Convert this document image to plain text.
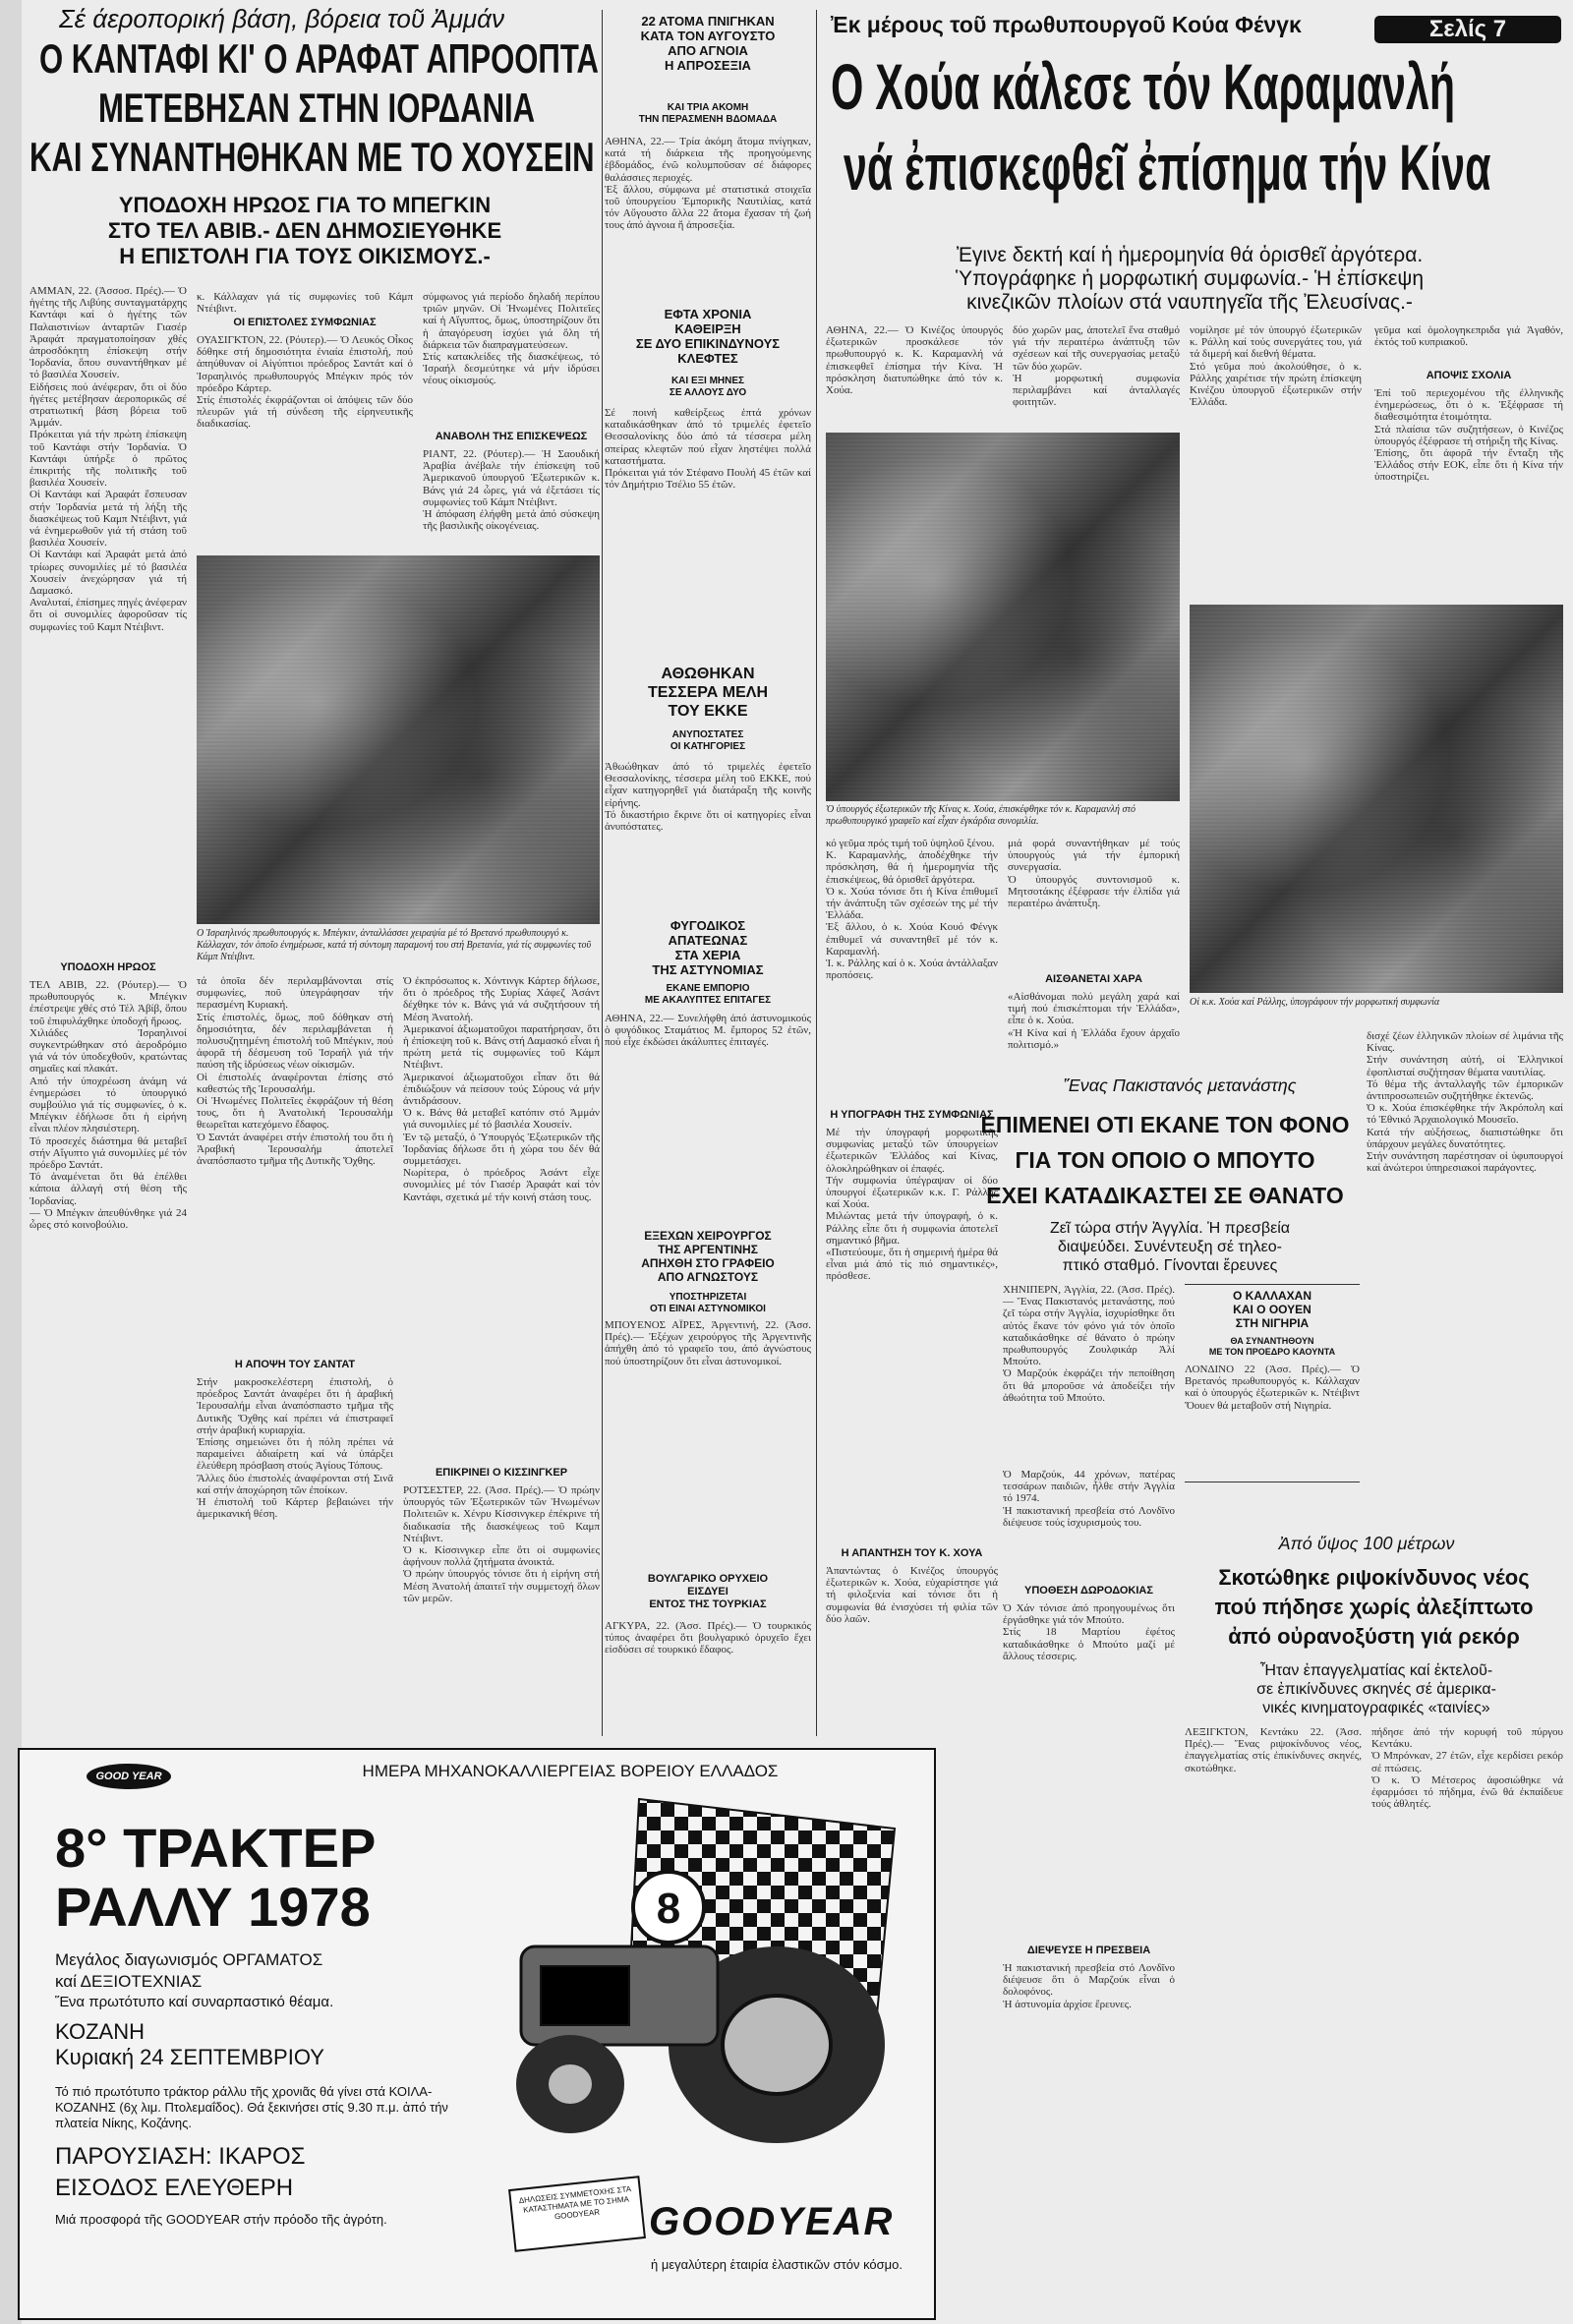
Σέ άεροπορική βάση, βόρεια τοῦ Ἀμμάν
Ο ΚΑΝΤΑΦΙ ΚΙ' Ο ΑΡΑΦΑΤ ΑΠΡΟΟΠΤΑ
ΜΕΤΕΒΗΣΑΝ ΣΤΗΝ ΙΟΡΔΑΝΙΑ
ΚΑΙ ΣΥΝΑΝΤΗΘΗΚΑΝ ΜΕ ΤΟ ΧΟΥΣΕΙΝ
ΥΠΟΔΟΧΗ ΗΡΩΟΣ ΓΙΑ ΤΟ ΜΠΕΓΚΙΝ
ΣΤΟ ΤΕΛ ΑΒΙΒ.- ΔΕΝ ΔΗΜΟΣΙΕΥΘΗΚΕ
Η ΕΠΙΣΤΟΛΗ ΓΙΑ ΤΟΥΣ ΟΙΚΙΣΜΟΥΣ.-
ΑΜΜΑΝ, 22. (Ἀσσοσ. Πρές).— Ὁ ἡγέτης τῆς Λιβύης συνταγματάρχης Καντάφι καί ὁ ἡγέτης τῶν Παλαιστινίων ἀνταρτῶν Γιασέρ Ἀραφάτ πραγματοποίησαν χθές ἀπροσδόκητη ἐπίσκεψη στήν Ἰορδανία, ὅπου συναντήθηκαν μέ τό βασιλέα Χουσείν.
Εἰδήσεις πού ἀνέφεραν, ὅτι οἱ δύο ἡγέτες μετέβησαν ἀεροπορικῶς σέ στρατιωτική βάση βόρεια τοῦ Ἀμμάν.
Πρόκειται γιά τήν πρώτη ἐπίσκεψη τοῦ Καντάφι στήν Ἰορδανία. Ὁ Καντάφι ὑπήρξε ὁ πρῶτος ἐπικριτής τῆς πολιτικῆς τοῦ βασιλέα Χουσείν.
Οἱ Καντάφι καί Ἀραφάτ ἔσπευσαν στήν Ἰορδανία μετά τή λήξη τῆς διασκέψεως τοῦ Καμπ Ντέιβιντ, γιά νά ἐνημερωθοῦν γιά τή στάση τοῦ βασιλέα Χουσείν.
Οἱ Καντάφι καί Ἀραφάτ μετά ἀπό τρίωρες συνομιλίες μέ τό βασιλέα Χουσείν ἀνεχώρησαν γιά τή Δαμασκό.
Αναλυταί, ἐπίσημες πηγές ἀνέφεραν ὅτι οἱ συνομιλίες ἀφοροῦσαν τίς συμφωνίες τοῦ Καμπ Ντέιβιντ.
ΥΠΟΔΟΧΗ ΗΡΩΟΣ
ΤΕΛ ΑΒΙΒ, 22. (Ρόυτερ).— Ὁ πρωθυπουργός κ. Μπέγκιν ἐπέστρεψε χθές στό Τέλ Ἀβίβ, ὅπου τοῦ ἐπιφυλάχθηκε ὑποδοχή ἥρωος.
Χιλιάδες Ἰσραηλινοί συγκεντρώθηκαν στό ἀεροδρόμιο γιά νά τόν ὑποδεχθοῦν, κρατώντας σημαῖες καί πλακάτ.
Από τήν ὑποχρέωση ἀνάμη νά ἐνημερώσει τό ὑπουργικό συμβούλιο γιά τίς συμφωνίες, ὁ κ. Μπέγκιν ἐδήλωσε ὅτι ἡ εἰρήνη εἶναι πλέον πλησιέστερη.
Τό προσεχές διάστημα θά μεταβεῖ στήν Αἴγυπτο γιά συνομιλίες μέ τόν πρόεδρο Σαντάτ.
Τό ἀναμένεται ὅτι θά ἐπέλθει κάποια ἀλλαγή στή θέση τῆς Ἰορδανίας.
— Ὁ Μπέγκιν ἀπευθύνθηκε γιά 24 ὧρες στό κοινοβούλιο.
κ. Κάλλαχαν γιά τίς συμφωνίες τοῦ Κάμπ Ντέιβιντ.
ΟΙ ΕΠΙΣΤΟΛΕΣ ΣΥΜΦΩΝΙΑΣ
ΟΥΑΣΙΓΚΤΟΝ, 22. (Ρόυτερ).— Ὁ Λευκός Οἶκος δόθηκε στή δημοσιότητα ἐνιαία ἐπιστολή, πού ἀπηύθυναν οἱ Αἰγύπτιοι πρόεδρος Σαντάτ καί ὁ Ἰσραηλινός πρωθυπουργός Μπέγκιν πρός τόν πρόεδρο Κάρτερ.
Στίς ἐπιστολές ἐκφράζονται οἱ ἀπόψεις τῶν δύο πλευρῶν γιά τή σύνδεση τῆς εἰρηνευτικῆς διαδικασίας.
σύμφωνος γιά περίοδο δηλαδή περίπου τριῶν μηνῶν. Οἱ Ἡνωμένες Πολιτεῖες καί ἡ Αἴγυπτος, ὅμως, ὑποστηρίζουν ὅτι ἡ ἀπαγόρευση ἰσχύει γιά ὅλη τή διάρκεια τῶν διαπραγματεύσεων.
Στίς κατακλείδες τῆς διασκέψεως, τό Ἰσραήλ δεσμεύτηκε νά μήν ἱδρύσει νέους οἰκισμούς.
ΑΝΑΒΟΛΗ ΤΗΣ ΕΠΙΣΚΕΨΕΩΣ
ΡΙΑΝΤ, 22. (Ρόυτερ).— Ἡ Σαουδική Ἀραβία ἀνέβαλε τήν ἐπίσκεψη τοῦ Ἀμερικανοῦ ὑπουργοῦ Ἐξωτερικῶν κ. Βάνς γιά 24 ὧρες, γιά νά ἐξετάσει τίς συμφωνίες τοῦ Κάμπ Ντέιβιντ.
Ἡ ἀπόφαση ἐλήφθη μετά ἀπό σύσκεψη τῆς βασιλικῆς οἰκογένειας.
Ο Ἰσραηλινός πρωθυπουργός κ. Μπέγκιν, ἀνταλλάσσει χειραψία μέ τό Βρετανό πρωθυπουργό κ. Κάλλαχαν, τόν ὁποῖο ἐνημέρωσε, κατά τή σύντομη παραμονή του στή Βρετανία, γιά τίς συμφωνίες τοῦ Κάμπ Ντέιβιντ.
τά ὁποῖα δέν περιλαμβάνονται στίς συμφωνίες, ποῦ ὑπεγράφησαν τήν περασμένη Κυριακή.
Στίς ἐπιστολές, ὅμως, ποῦ δόθηκαν στή δημοσιότητα, δέν περιλαμβάνεται ἡ πολυσυζητημένη ἐπιστολή τοῦ Μπέγκιν, πού ἀφορᾶ τή δέσμευση τοῦ Ἰσραήλ γιά τήν παύση τῆς ἱδρύσεως νέων οἰκισμῶν.
Οἱ ἐπιστολές ἀναφέρονται ἐπίσης στό καθεστώς τῆς Ἱερουσαλήμ.
Οἱ Ἡνωμένες Πολιτεῖες ἐκφράζουν τή θέση τους, ὅτι ἡ Ἀνατολική Ἱερουσαλήμ θεωρεῖται κατεχόμενο ἔδαφος.
Ὁ Σαντάτ ἀναφέρει στήν ἐπιστολή του ὅτι ἡ Ἀραβική Ἱερουσαλήμ ἀποτελεῖ ἀναπόσπαστο τμῆμα τῆς Δυτικῆς Ὄχθης.
Η ΑΠΟΨΗ ΤΟΥ ΣΑΝΤΑΤ
Στήν μακροσκελέστερη ἐπιστολή, ὁ πρόεδρος Σαντάτ ἀναφέρει ὅτι ἡ ἀραβική Ἱερουσαλήμ εἶναι ἀναπόσπαστο τμῆμα τῆς Δυτικῆς Ὄχθης καί πρέπει νά ἐπιστραφεῖ στήν ἀραβική κυριαρχία.
Ἐπίσης σημειώνει ὅτι ἡ πόλη πρέπει νά παραμείνει ἀδιαίρετη καί νά ὑπάρξει ἐλεύθερη πρόσβαση στούς Ἁγίους Τόπους.
Ἄλλες δύο ἐπιστολές ἀναφέρονται στή Σινᾶ καί στήν ἀποχώρηση τῶν ἐποίκων.
Ἡ ἐπιστολή τοῦ Κάρτερ βεβαιώνει τήν ἀμερικανική θέση.
Ὁ ἐκπρόσωπος κ. Χόντινγκ Κάρτερ δήλωσε, ὅτι ὁ πρόεδρος τῆς Συρίας Χάφεζ Ἀσάντ δέχθηκε τόν κ. Βάνς γιά νά συζητήσουν τή Μέση Ἀνατολή.
Ἀμερικανοί ἀξιωματοῦχοι παρατήρησαν, ὅτι ἡ ἐπίσκεψη τοῦ κ. Βάνς στή Δαμασκό εἶναι ἡ πρώτη μετά τίς συμφωνίες τοῦ Κάμπ Ντέιβιντ.
Ἀμερικανοί ἀξιωματοῦχοι εἶπαν ὅτι θά ἐπιδιώξουν νά πείσουν τούς Σύρους νά μήν ἀντιδράσουν.
Ὁ κ. Βάνς θά μεταβεῖ κατόπιν στό Ἀμμάν γιά συνομιλίες μέ τό βασιλέα Χουσείν.
Ἐν τῷ μεταξύ, ὁ Ὑπουργός Ἐξωτερικῶν τῆς Ἰορδανίας δήλωσε ὅτι ἡ χώρα του δέν θά συμμετάσχει.
Νωρίτερα, ὁ πρόεδρος Ἀσάντ εἶχε συνομιλίες μέ τόν Γιασέρ Ἀραφάτ καί τόν Καντάφι, σχετικά μέ τήν κοινή στάση τους.
ΕΠΙΚΡΙΝΕΙ Ο ΚΙΣΣΙΝΓΚΕΡ
ΡΟΤΣΕΣΤΕΡ, 22. (Ἀσσ. Πρές).— Ὁ πρώην ὑπουργός τῶν Ἐξωτερικῶν τῶν Ἡνωμένων Πολιτειῶν κ. Χένρυ Κίσσινγκερ ἐπέκρινε τή διαδικασία τῆς διασκέψεως τοῦ Καμπ Ντέιβιντ.
Ὁ κ. Κίσσινγκερ εἶπε ὅτι οἱ συμφωνίες ἀφήνουν πολλά ζητήματα ἀνοικτά.
Ὁ πρώην ὑπουργός τόνισε ὅτι ἡ εἰρήνη στή Μέση Ἀνατολή ἀπαιτεῖ τήν συμμετοχή ὅλων τῶν μερῶν.
22 ΑΤΟΜΑ ΠΝΙΓΗΚΑΝ
ΚΑΤΑ ΤΟΝ ΑΥΓΟΥΣΤΟ
ΑΠΟ ΑΓΝΟΙΑ
Η ΑΠΡΟΣΕΞΙΑ
ΚΑΙ ΤΡΙΑ ΑΚΟΜΗ
ΤΗΝ ΠΕΡΑΣΜΕΝΗ ΒΔΟΜΑΔΑ
ΑΘΗΝΑ, 22.— Τρία ἀκόμη ἄτομα πνίγηκαν, κατά τή διάρκεια τῆς προηγούμενης ἑβδομάδος, ἐνῶ κολυμποῦσαν σέ διάφορες θαλάσσιες περιοχές.
Ἐξ ἄλλου, σύμφωνα μέ στατιστικά στοιχεῖα τοῦ ὑπουργείου Ἐμπορικῆς Ναυτιλίας, κατά τόν Αὔγουστο ἄλλα 22 ἄτομα ἔχασαν τή ζωή τους ἀπό ἀγνοια ἤ ἀπροσεξία.
ΕΦΤΑ ΧΡΟΝΙΑ
ΚΑΘΕΙΡΞΗ
ΣΕ ΔΥΟ ΕΠΙΚΙΝΔΥΝΟΥΣ
ΚΛΕΦΤΕΣ
ΚΑΙ ΕΞΙ ΜΗΝΕΣ
ΣΕ ΑΛΛΟΥΣ ΔΥΟ
Σέ ποινή καθείρξεως ἑπτά χρόνων καταδικάσθηκαν ἀπό τό τριμελές ἐφετεῖο Θεσσαλονίκης δύο ἀπό τά τέσσερα μέλη σπείρας κλεφτῶν πού εἶχαν ληστέψει πολλά καταστήματα.
Πρόκειται γιά τόν Στέφανο Πουλή 45 ἐτῶν καί τόν Δημήτριο Τσέλιο 55 ἐτῶν.
ΑΘΩΘΗΚΑΝ
ΤΕΣΣΕΡΑ ΜΕΛΗ
ΤΟΥ ΕΚΚΕ
ΑΝΥΠΟΣΤΑΤΕΣ
ΟΙ ΚΑΤΗΓΟΡΙΕΣ
Ἀθωώθηκαν ἀπό τό τριμελές ἐφετεῖο Θεσσαλονίκης, τέσσερα μέλη τοῦ ΕΚΚΕ, πού εἶχαν κατηγορηθεῖ γιά διατάραξη τῆς κοινῆς εἰρήνης.
Τό δικαστήριο ἔκρινε ὅτι οἱ κατηγορίες εἶναι ἀνυπόστατες.
ΦΥΓΟΔΙΚΟΣ
ΑΠΑΤΕΩΝΑΣ
ΣΤΑ ΧΕΡΙΑ
ΤΗΣ ΑΣΤΥΝΟΜΙΑΣ
ΕΚΑΝΕ ΕΜΠΟΡΙΟ
ΜΕ ΑΚΑΛΥΠΤΕΣ ΕΠΙΤΑΓΕΣ
ΑΘΗΝΑ, 22.— Συνελήφθη ἀπό ἀστυνομικούς ὁ φυγόδικος Σταμάτιος Μ. ἔμπορος 52 ἐτῶν, πού εἶχε ἐκδώσει ἀκάλυπτες ἐπιταγές.
ΕΞΕΧΩΝ ΧΕΙΡΟΥΡΓΟΣ
ΤΗΣ ΑΡΓΕΝΤΙΝΗΣ
ΑΠΗΧΘΗ ΣΤΟ ΓΡΑΦΕΙΟ
ΑΠΟ ΑΓΝΩΣΤΟΥΣ
ΥΠΟΣΤΗΡΙΖΕΤΑΙ
ΟΤΙ ΕΙΝΑΙ ΑΣΤΥΝΟΜΙΚΟΙ
ΜΠΟΥΕΝΟΣ ΑΪΡΕΣ, Ἀργεντινή, 22. (Ἀσσ. Πρές).— Ἐξέχων χειρούργος τῆς Ἀργεντινῆς ἀπήχθη ἀπό τό γραφεῖο του, ἀπό ἀγνώστους πού ὑποστηρίζουν ὅτι εἶναι ἀστυνομικοί.
ΒΟΥΛΓΑΡΙΚΟ ΟΡΥΧΕΙΟ
ΕΙΣΔΥΕΙ
ΕΝΤΟΣ ΤΗΣ ΤΟΥΡΚΙΑΣ
ΑΓΚΥΡΑ, 22. (Ἀσσ. Πρές).— Ὁ τουρκικός τύπος ἀναφέρει ὅτι βουλγαρικό ὀρυχεῖο ἔχει εἰσδύσει σέ τουρκικό ἔδαφος.
Ἐκ μέρους τοῦ πρωθυπουργοῦ Κούα Φένγκ	Σελίς 7
Ο Χούα κάλεσε τόν Καραμανλή
νά ἐπισκεφθεῖ ἐπίσημα τήν Κίνα
Ἐγινε δεκτή καί ἡ ἡμερομηνία θά ὁρισθεῖ ἀργότερα.
Ὑπογράφηκε ἡ μορφωτική συμφωνία.- Ἡ ἐπίσκεψη
κινεζικῶν πλοίων στά ναυπηγεῖα τῆς Ἐλευσίνας.-
ΑΘΗΝΑ, 22.— Ὁ Κινέζος ὑπουργός ἐξωτερικῶν προσκάλεσε τόν πρωθυπουργό κ. Κ. Καραμανλή νά ἐπισκεφθεῖ ἐπίσημα τήν Κίνα. Ἡ πρόσκληση διατυπώθηκε ἀπό τόν κ. Χούα.
δύο χωρῶν μας, ἀποτελεῖ ἕνα σταθμό γιά τήν περαιτέρω ἀνάπτυξη τῶν σχέσεων καί τῆς συνεργασίας μεταξύ τῶν δύο χωρῶν.
Ἡ μορφωτική συμφωνία περιλαμβάνει καί ἀνταλλαγές φοιτητῶν.
νομίλησε μέ τόν ὑπουργό ἐξωτερικῶν κ. Ράλλη καί τούς συνεργάτες του, γιά τά διμερή καί διεθνή θέματα.
Στό γεῦμα πού ἀκολούθησε, ὁ κ. Ράλλης χαιρέτισε τήν πρώτη ἐπίσκεψη Κινέζου ὑπουργοῦ ἐξωτερικῶν στήν Ἑλλάδα.
Ὁ ὑπουργός ἐξωτερικῶν τῆς Κίνας κ. Χούα, ἐπισκέφθηκε τόν κ. Καραμανλή στό πρωθυπουργικό γραφεῖο καί εἶχαν ἐγκάρδια συνομιλία.
κό γεῦμα πρός τιμή τοῦ ὑψηλοῦ ξένου.
Κ. Καραμανλής, ἀποδέχθηκε τήν πρόσκληση, θά ἡ ἡμερομηνία τῆς ἐπισκέψεως, θά ὁρισθεῖ ἀργότερα.
Ὁ κ. Χούα τόνισε ὅτι ἡ Κίνα ἐπιθυμεῖ τήν ἀνάπτυξη τῶν σχέσεών της μέ τήν Ἑλλάδα.
Ἐξ ἄλλου, ὁ κ. Χούα Κουό Φένγκ ἐπιθυμεῖ νά συναντηθεῖ μέ τόν κ. Καραμανλή.
Ἱ. κ. Ράλλης καί ὁ κ. Χούα ἀντάλλαξαν προπόσεις.
Η ΥΠΟΓΡΑΦΗ ΤΗΣ ΣΥΜΦΩΝΙΑΣ
Μέ τήν ὑπογραφή μορφωτικῆς συμφωνίας μεταξύ τῶν ὑπουργείων ἐξωτερικῶν Ἑλλάδος καί Κίνας, ὁλοκληρώθηκαν οἱ ἐπαφές.
Τήν συμφωνία ὑπέγραψαν οἱ δύο ὑπουργοί ἐξωτερικῶν κ.κ. Γ. Ράλλης καί Χούα.
Μιλώντας μετά τήν ὑπογραφή, ὁ κ. Ράλλης εἶπε ὅτι ἡ συμφωνία ἀποτελεῖ σημαντικό βῆμα.
«Πιστεύουμε, ὅτι ἡ σημερινή ἡμέρα θά εἶναι μιά ἀπό τίς πιό σημαντικές», πρόσθεσε.
Η ΑΠΑΝΤΗΣΗ ΤΟΥ Κ. ΧΟΥΑ
Ἀπαντώντας ὁ Κινέζος ὑπουργός ἐξωτερικῶν κ. Χούα, εὐχαρίστησε γιά τή φιλοξενία καί τόνισε ὅτι ἡ συμφωνία θά ἐνισχύσει τή φιλία τῶν δύο λαῶν.
μιά φορά συναντήθηκαν μέ τούς ὑπουργούς γιά τήν ἐμπορική συνεργασία.
Ὁ ὑπουργός συντονισμοῦ κ. Μητσοτάκης ἐξέφρασε τήν ἐλπίδα γιά περαιτέρω ἀνάπτυξη.
ΑΙΣΘΑΝΕΤΑΙ ΧΑΡΑ
«Αἰσθάνομαι πολύ μεγάλη χαρά καί τιμή πού ἐπισκέπτομαι τήν Ἑλλάδα», εἶπε ὁ κ. Χούα.
«Ἡ Κίνα καί ἡ Ἑλλάδα ἔχουν ἀρχαῖο πολιτισμό.»
Οἱ κ.κ. Χούα καί Ράλλης, ὑπογράφουν τήν μορφωτική συμφωνία
γεῦμα καί ὁμολογηκεπριδα γιά Ἀγαθόν, ἐκτός τοῦ κυπριακοῦ.
ΑΠΟΨΙΣ ΣΧΟΛΙΑ
Ἐπί τοῦ περιεχομένου τῆς ἐλληνικῆς ἐνημερώσεως, ὅτι ὁ κ. Ἐξέφρασε τή διαθεσιμότητα ἐτοιμότητα.
Στά πλαίσια τῶν συζητήσεων, ὁ Κινέζος ὑπουργός ἐξέφρασε τή στήριξη τῆς Κίνας.
Ἐπίσης, ὅτι ἀφορᾶ τήν ἔνταξη τῆς Ἑλλάδος στήν ΕΟΚ, εἶπε ὅτι ἡ Κίνα τήν ὑποστηρίζει.
Ἕνας Πακιστανός μετανάστης
ΕΠΙΜΕΝΕΙ ΟΤΙ ΕΚΑΝΕ ΤΟΝ ΦΟΝΟ
ΓΙΑ ΤΟΝ ΟΠΟΙΟ Ο ΜΠΟΥΤΟ
ΕΧΕΙ ΚΑΤΑΔΙΚΑΣΤΕΙ ΣΕ ΘΑΝΑΤΟ
Ζεῖ τώρα στήν Ἀγγλία. Ἡ πρεσβεία
διαψεύδει. Συνέντευξη σέ τηλεο-
πτικό σταθμό. Γίνονται ἔρευνες
ΧΗΝΙΠΕΡΝ, Ἀγγλία, 22. (Ἀσσ. Πρές).— Ἕνας Πακιστανός μετανάστης, πού ζεῖ τώρα στήν Ἀγγλία, ἰσχυρίσθηκε ὅτι αὐτός ἔκανε τόν φόνο γιά τόν ὁποῖο καταδικάσθηκε σέ θάνατο ὁ πρώην πρωθυπουργός Ζουλφικάρ Ἀλί Μπούτο.
Ὁ Μαρζούκ ἐκφράζει τήν πεποίθηση ὅτι θά μποροῦσε νά ἀποδείξει τήν ἀθωότητα τοῦ Μπούτο.
Ο ΚΑΛΛΑΧΑΝ
ΚΑΙ Ο ΟΟΥΕΝ
ΣΤΗ ΝΙΓΗΡΙΑ
ΘΑ ΣΥΝΑΝΤΗΘΟΥΝ
ΜΕ ΤΟΝ ΠΡΟΕΔΡΟ ΚΑΟΥΝΤΑ
ΛΟΝΔΙΝΟ 22 (Ἀσσ. Πρές).— Ὁ Βρετανός πρωθυπουργός κ. Κάλλαχαν καί ὁ ὑπουργός ἐξωτερικῶν κ. Ντέιβιντ Ὄουεν θά μεταβοῦν στή Νιγηρία.
Ὁ Μαρζούκ, 44 χρόνων, πατέρας τεσσάρων παιδιῶν, ἦλθε στήν Ἀγγλία τό 1974.
Ἡ πακιστανική πρεσβεία στό Λονδῖνο διέψευσε τούς ἰσχυρισμούς του.
ΥΠΟΘΕΣΗ ΔΩΡΟΔΟΚΙΑΣ
Ὁ Χάν τόνισε ἀπό προηγουμένως ὅτι ἐργάσθηκε γιά τόν Μπούτο.
Στίς 18 Μαρτίου ἐφέτος καταδικάσθηκε ὁ Μπούτο μαζί μέ ἄλλους τέσσερις.
ΔΙΕΨΕΥΣΕ Η ΠΡΕΣΒΕΙΑ
Ἡ πακιστανική πρεσβεία στό Λονδῖνο διέψευσε ὅτι ὁ Μαρζούκ εἶναι ὁ δολοφόνος.
Ἡ ἀστυνομία ἀρχίσε ἔρευνες.
δισχέ ζέων ἑλληνικῶν πλοίων σέ λιμάνια τῆς Κίνας.
Στήν συνάντηση αὐτή, οἱ Ἐλληνικοί ἐφοπλισταί συζήτησαν θέματα ναυτιλίας.
Τό θέμα τῆς ἀνταλλαγῆς τῶν ἐμπορικῶν ἀντιπροσωπειῶν συζητήθηκε ἐκτενῶς.
Ὁ κ. Χούα ἐπισκέφθηκε τήν Ἀκρόπολη καί τό Ἐθνικό Ἀρχαιολογικό Μουσεῖο.
Κατά τήν αὐξήσεως, διαπιστώθηκε ὅτι ὑπάρχουν μεγάλες δυνατότητες.
Στήν συνάντηση παρέστησαν οἱ ὑφυπουργοί καί ἀνώτεροι ὑπηρεσιακοί παράγοντες.
Ἀπό ὕψος 100 μέτρων
Σκοτώθηκε ριψοκίνδυνος νέος
πού πήδησε χωρίς ἀλεξίπτωτο
ἀπό οὐρανοξύστη γιά ρεκόρ
Ἦταν ἐπαγγελματίας καί ἐκτελοῦ-
σε ἐπικίνδυνες σκηνές σέ ἀμερικα-
νικές κινηματογραφικές «ταινίες»
ΛΕΞΙΓΚΤΟΝ, Κεντάκυ 22. (Ἀσσ. Πρές).— Ἕνας ριψοκίνδυνος νέος, ἐπαγγελματίας στίς ἐπικίνδυνες σκηνές, σκοτώθηκε.
πήδησε ἀπό τήν κορυφή τοῦ πύργου Κεντάκυ.
Ὁ Μπρόνκαν, 27 ἐτῶν, εἶχε κερδίσει ρεκόρ σέ πτώσεις.
Ὁ κ. Ὁ Μέτσερος ἀφοσιώθηκε νά ἐφαρμόσει τό πήδημα, ἐνῶ θά ἐκπαίδευε τούς ἀθλητές.
GOOD YEAR	ΗΜΕΡΑ ΜΗΧΑΝΟΚΑΛΛΙΕΡΓΕΙΑΣ ΒΟΡΕΙΟΥ ΕΛΛΑΔΟΣ
8° ΤΡΑΚΤΕΡ
ΡΑΛΛΥ 1978
Μεγάλος διαγωνισμός ΟΡΓΑΜΑΤΟΣ
καί ΔΕΞΙΟΤΕΧΝΙΑΣ
Ἕνα πρωτότυπο καί συναρπαστικό θέαμα.
ΚΟΖΑΝΗ
Κυριακή 24 ΣΕΠΤΕΜΒΡΙΟΥ
Τό πιό πρωτότυπο τράκτορ ράλλυ τῆς χρονιᾶς θά γίνει στά ΚΟΙΛΑ-ΚΟΖΑΝΗΣ (6χ λιμ. Πτολεμαΐδος). Θά ξεκινήσει στίς 9.30 π.μ. ἀπό τήν πλατεία Νίκης, Κοζάνης.
ΠΑΡΟΥΣΙΑΣΗ: ΙΚΑΡΟΣ
ΕΙΣΟΔΟΣ ΕΛΕΥΘΕΡΗ
Μιά προσφορά τῆς GOODYEAR στήν πρόοδο τῆς ἀγρότη.
8
ΔΗΛΩΣΕΙΣ ΣΥΜΜΕΤΟΧΗΣ ΣΤΑ ΚΑΤΑΣΤΗΜΑΤΑ ΜΕ ΤΟ ΣΗΜΑ GOODYEAR	GOODYEAR
ἡ μεγαλύτερη ἑταιρία ἐλαστικῶν στόν κόσμο.
